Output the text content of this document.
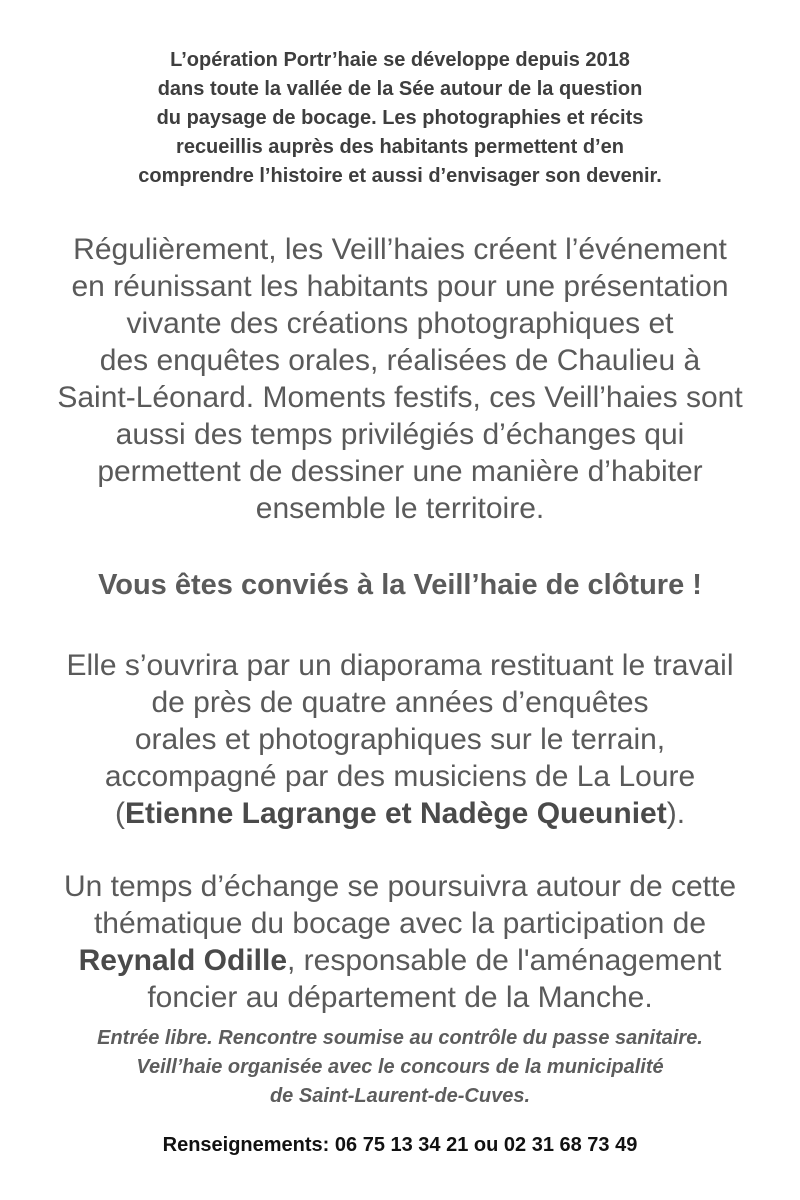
L’opération Portr’haie se développe depuis 2018
dans toute la vallée de la Sée autour de la question
du paysage de bocage. Les photographies et récits
recueillis auprès des habitants permettent d’en
comprendre l’histoire et aussi d’envisager son devenir.
Régulièrement, les Veill’haies créent l’événement
en réunissant les habitants pour une présentation
vivante des créations photographiques et
des enquêtes orales, réalisées de Chaulieu à
Saint-Léonard. Moments festifs, ces Veill’haies sont
aussi des temps privilégiés d’échanges qui
permettent de dessiner une manière d’habiter
ensemble le territoire.
Vous êtes conviés à la Veill’haie de clôture !
Elle s’ouvrira par un diaporama restituant le travail
de près de quatre années d’enquêtes
orales et photographiques sur le terrain,
accompagné par des musiciens de La Loure
(Etienne Lagrange et Nadège Queuniet).
Un temps d’échange se poursuivra autour de cette
thématique du bocage avec la participation de
Reynald Odille, responsable de l'aménagement
foncier au département de la Manche.
Entrée libre. Rencontre soumise au contrôle du passe sanitaire.
Veill’haie organisée avec le concours de la municipalité
de Saint-Laurent-de-Cuves.
Renseignements: 06 75 13 34 21 ou 02 31 68 73 49
